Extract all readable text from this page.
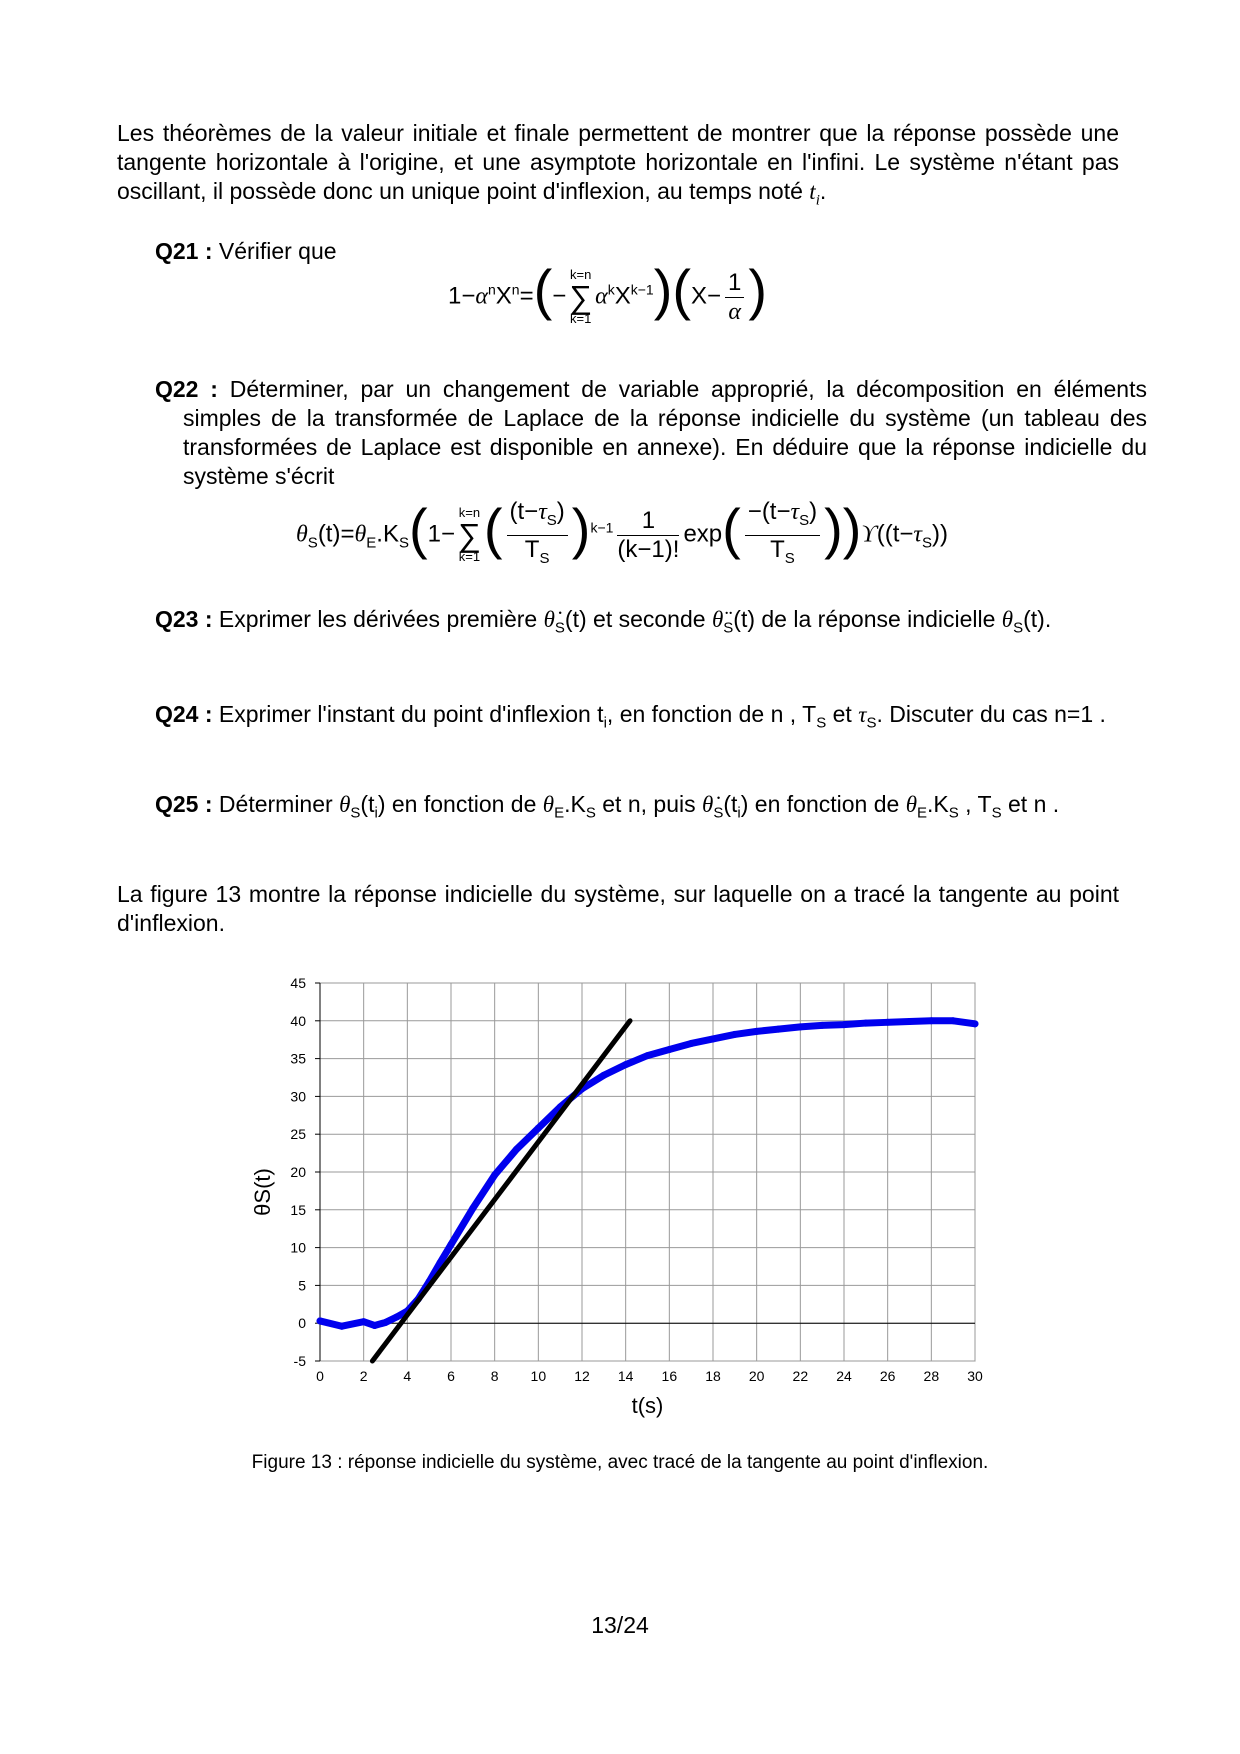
Les théorèmes de la valeur initiale et finale permettent de montrer que la réponse possède une tangente horizontale à l'origine, et une asymptote horizontale en l'infini. Le système n'étant pas oscillant, il possède donc un unique point d'inflexion, au temps noté $t_i$.
Q21 : Vérifier que
$1-\alpha^nX^n=(-k=n$
∑
$k=1\alpha^kX^{k-1})(X- \frac{1}{\alpha}$ )
Q22 : Déterminer, par un changement de variable approprié, la décomposition en éléments simples de la transformée de Laplace de la réponse indicielle du système (un tableau des transformées de Laplace est disponible en annexe). En déduire que la réponse indicielle du système s'écrit
$\theta_S(t)=\theta_E.K_S(1-k=n$
∑
$k=1( \frac{(t-\tau_S)}{T_S} )^{k-1} \frac{1}{(k-1)!} \exp( \frac{-(t-\tau_S)}{T_S} ))ϒ((t-\tau_S))$
Q23 : Exprimer les dérivées première $\thetȧ_S(t)$ et seconde $\thetä_S(t)$ de la réponse indicielle $\theta_S(t)$.
Q24 : Exprimer l'instant du point d'inflexion $t_i$, en fonction de n , $T_S$ et $\tau_S$. Discuter du cas n=1 .
Q25 : Déterminer $\theta_S(t_i)$ en fonction de $\theta_E.K_S$ et n, puis $\thetȧ_S(t_i)$ en fonction de $\theta_E.K_S$ , $T_S$ et n .
La figure 13 montre la réponse indicielle du système, sur laquelle on a tracé la tangente au point d'inflexion.
0	2	4	6	8 10 12 14 16 18 20 22 24 26 28 30
-5
0
5
10
15
20
25
30
35
40
45
t(s)
θS(t)
Figure 13 : réponse indicielle du système, avec tracé de la tangente au point d'inflexion.
13/24
